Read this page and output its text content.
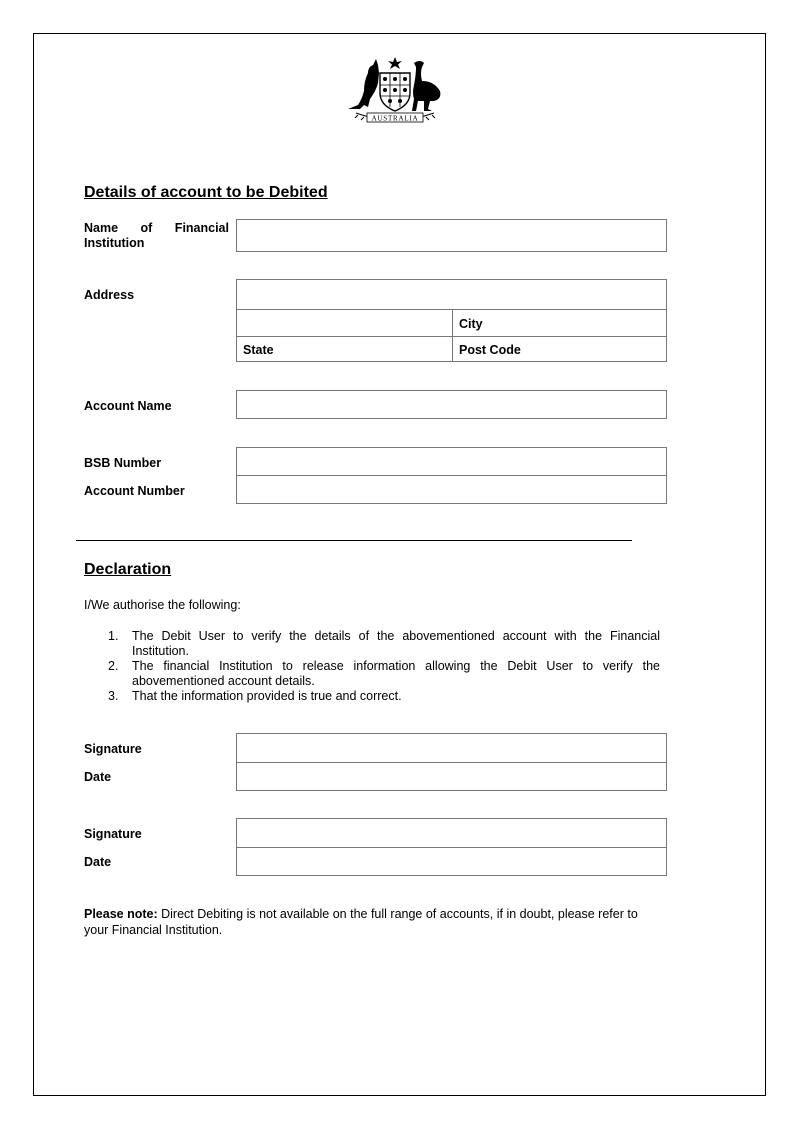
AUSTRALIA
Details of account to be Debited
Name of Financial Institution
Address
City
State	Post Code
Account Name
BSB Number
Account Number
Declaration
I/We authorise the following:
1. The Debit User to verify the details of the abovementioned account with the Financial Institution.
2. The financial Institution to release information allowing the Debit User to verify the abovementioned account details.
3. That the information provided is true and correct.
Signature
Date
Signature
Date
Please note: Direct Debiting is not available on the full range of accounts, if in doubt, please refer to your Financial Institution.
